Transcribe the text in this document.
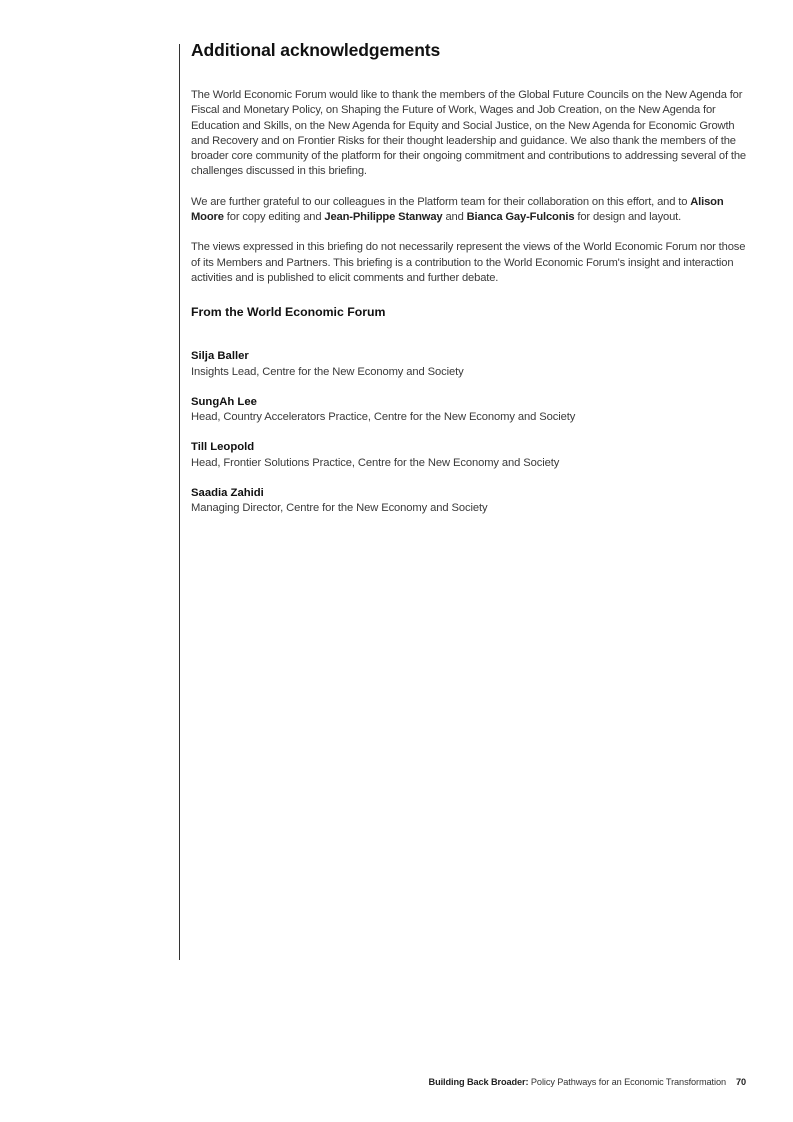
Additional acknowledgements

The World Economic Forum would like to thank the members of the Global Future Councils on the New Agenda for Fiscal and Monetary Policy, on Shaping the Future of Work, Wages and Job Creation, on the New Agenda for Education and Skills, on the New Agenda for Equity and Social Justice, on the New Agenda for Economic Growth and Recovery and on Frontier Risks for their thought leadership and guidance. We also thank the members of the broader core community of the platform for their ongoing commitment and contributions to addressing several of the challenges discussed in this briefing.

We are further grateful to our colleagues in the Platform team for their collaboration on this effort, and to Alison Moore for copy editing and Jean-Philippe Stanway and Bianca Gay-Fulconis for design and layout.

The views expressed in this briefing do not necessarily represent the views of the World Economic Forum nor those of its Members and Partners. This briefing is a contribution to the World Economic Forum's insight and interaction activities and is published to elicit comments and further debate.

From the World Economic Forum
Silja Baller
Insights Lead, Centre for the New Economy and Society
SungAh Lee
Head, Country Accelerators Practice, Centre for the New Economy and Society
Till Leopold
Head, Frontier Solutions Practice, Centre for the New Economy and Society
Saadia Zahidi
Managing Director, Centre for the New Economy and Society
Building Back Broader: Policy Pathways for an Economic Transformation 70
